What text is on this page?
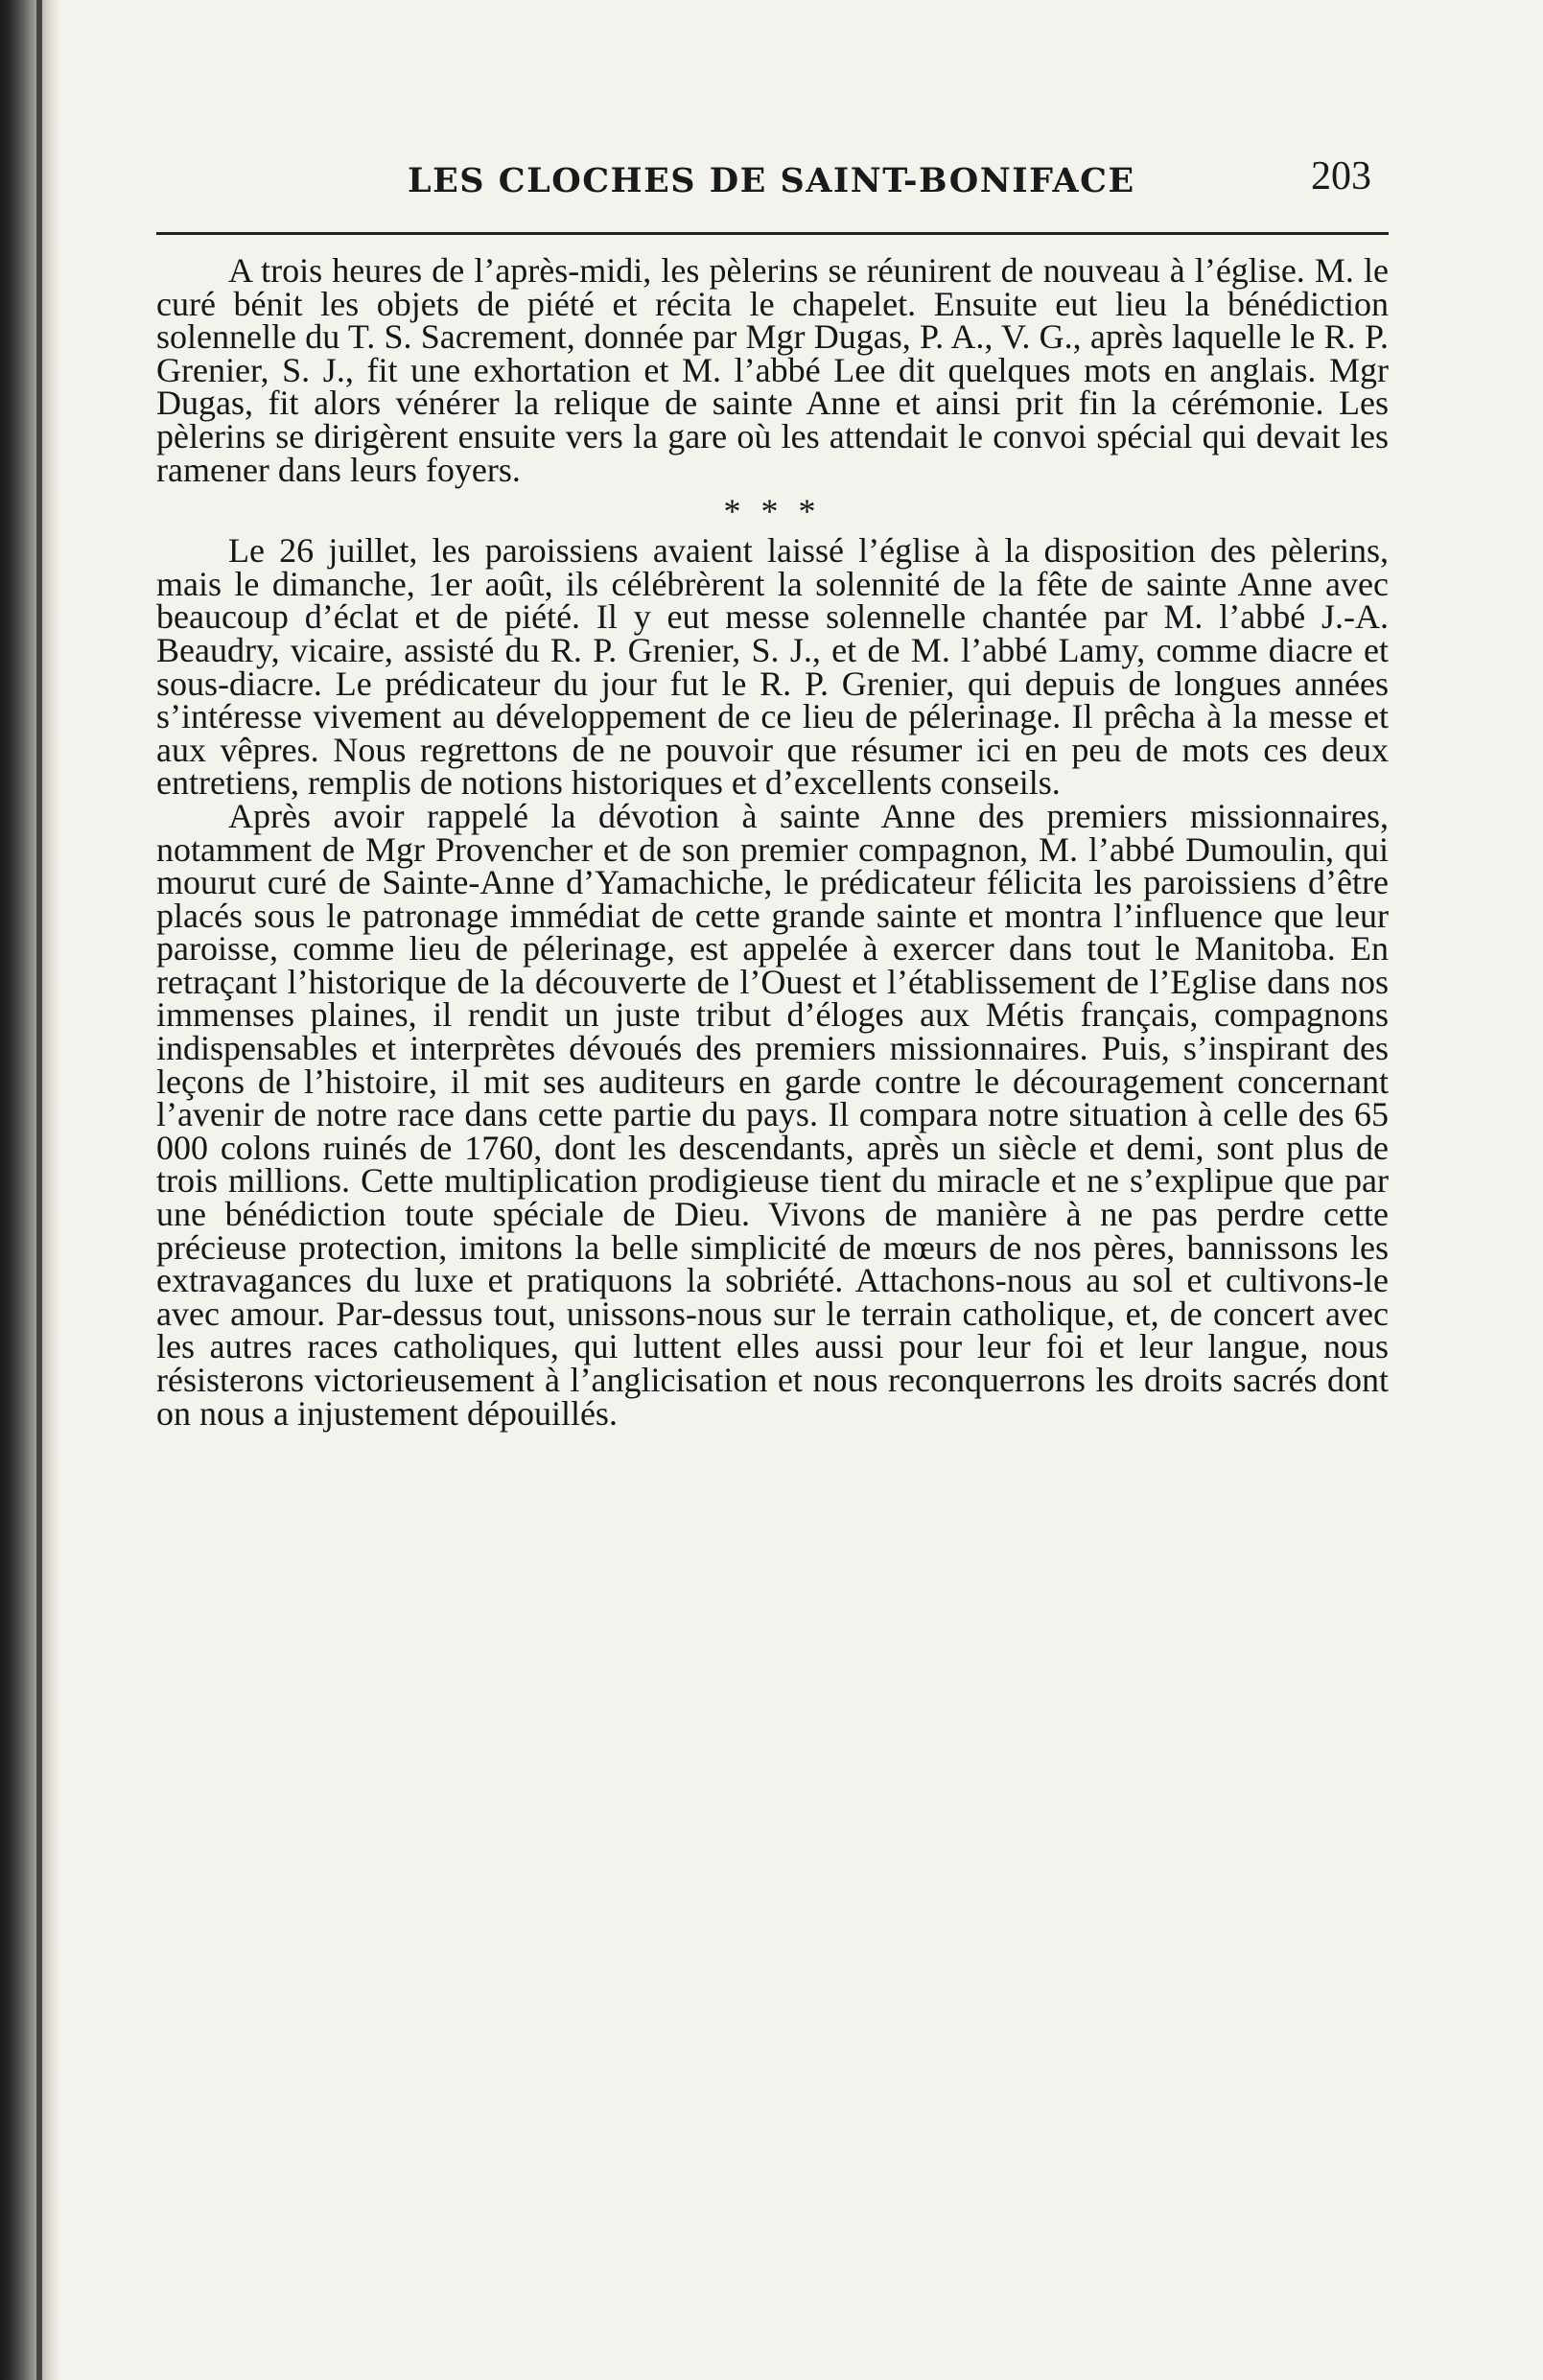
LES CLOCHES DE SAINT-BONIFACE	203

A trois heures de l’après-midi, les pèlerins se réunirent de nouveau à l’église. M. le curé bénit les objets de piété et récita le chapelet. Ensuite eut lieu la bénédiction solennelle du T. S. Sacrement, donnée par Mgr Dugas, P. A., V. G., après laquelle le R. P. Grenier, S. J., fit une exhortation et M. l’abbé Lee dit quelques mots en anglais. Mgr Dugas, fit alors vénérer la relique de sainte Anne et ainsi prit fin la cérémonie. Les pèlerins se dirigèrent ensuite vers la gare où les attendait le convoi spécial qui devait les ramener dans leurs foyers.

* * *

Le 26 juillet, les paroissiens avaient laissé l’église à la disposition des pèlerins, mais le dimanche, 1er août, ils célébrèrent la solennité de la fête de sainte Anne avec beaucoup d’éclat et de piété. Il y eut messe solennelle chantée par M. l’abbé J.-A. Beaudry, vicaire, assisté du R. P. Grenier, S. J., et de M. l’abbé Lamy, comme diacre et sous-diacre. Le prédicateur du jour fut le R. P. Grenier, qui depuis de longues années s’intéresse vivement au développement de ce lieu de pélerinage. Il prêcha à la messe et aux vêpres. Nous regrettons de ne pouvoir que résumer ici en peu de mots ces deux entretiens, remplis de notions historiques et d’excellents conseils.

Après avoir rappelé la dévotion à sainte Anne des premiers missionnaires, notamment de Mgr Provencher et de son premier compagnon, M. l’abbé Dumoulin, qui mourut curé de Sainte-Anne d’Yamachiche, le prédicateur félicita les paroissiens d’être placés sous le patronage immédiat de cette grande sainte et montra l’influence que leur paroisse, comme lieu de pélerinage, est appelée à exercer dans tout le Manitoba. En retraçant l’historique de la découverte de l’Ouest et l’établissement de l’Eglise dans nos immenses plaines, il rendit un juste tribut d’éloges aux Métis français, compagnons indispensables et interprètes dévoués des premiers missionnaires. Puis, s’inspirant des leçons de l’histoire, il mit ses auditeurs en garde contre le découragement concernant l’avenir de notre race dans cette partie du pays. Il compara notre situation à celle des 65 000 colons ruinés de 1760, dont les descendants, après un siècle et demi, sont plus de trois millions. Cette multiplication prodigieuse tient du miracle et ne s’explipue que par une bénédiction toute spéciale de Dieu. Vivons de manière à ne pas perdre cette précieuse protection, imitons la belle simplicité de mœurs de nos pères, bannissons les extravagances du luxe et pratiquons la sobriété. Attachons-nous au sol et cultivons-le avec amour. Par-dessus tout, unissons-nous sur le terrain catholique, et, de concert avec les autres races catholiques, qui luttent elles aussi pour leur foi et leur langue, nous résisterons victorieusement à l’anglicisation et nous reconquerrons les droits sacrés dont on nous a injustement dépouillés.
